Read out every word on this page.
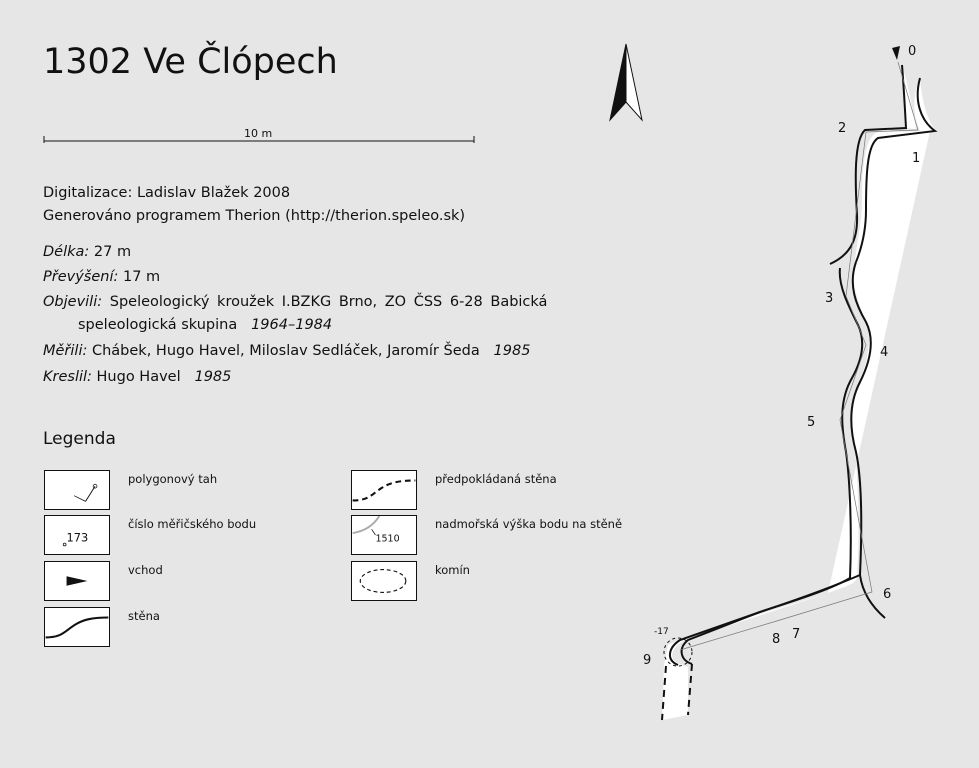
1302 Ve Člópech
10 m
Digitalizace: Ladislav Blažek 2008
Generováno programem Therion (http://therion.speleo.sk)
Délka: 27 m
Převýšení: 17 m
Objevili: Speleologický kroužek I.BZKG Brno, ZO ČSS 6-28 Babická
speleologická skupina 1964–1984
Měřili: Chábek, Hugo Havel, Miloslav Sedláček, Jaromír Šeda 1985
Kreslil: Hugo Havel 1985
Legenda
polygonový tah
173
číslo měřičského bodu
vchod
stěna
předpokládaná stěna
1510
nadmořská výška bodu na stěně
komín
0
1
2
3
4
5
6
7
8
9
-17
